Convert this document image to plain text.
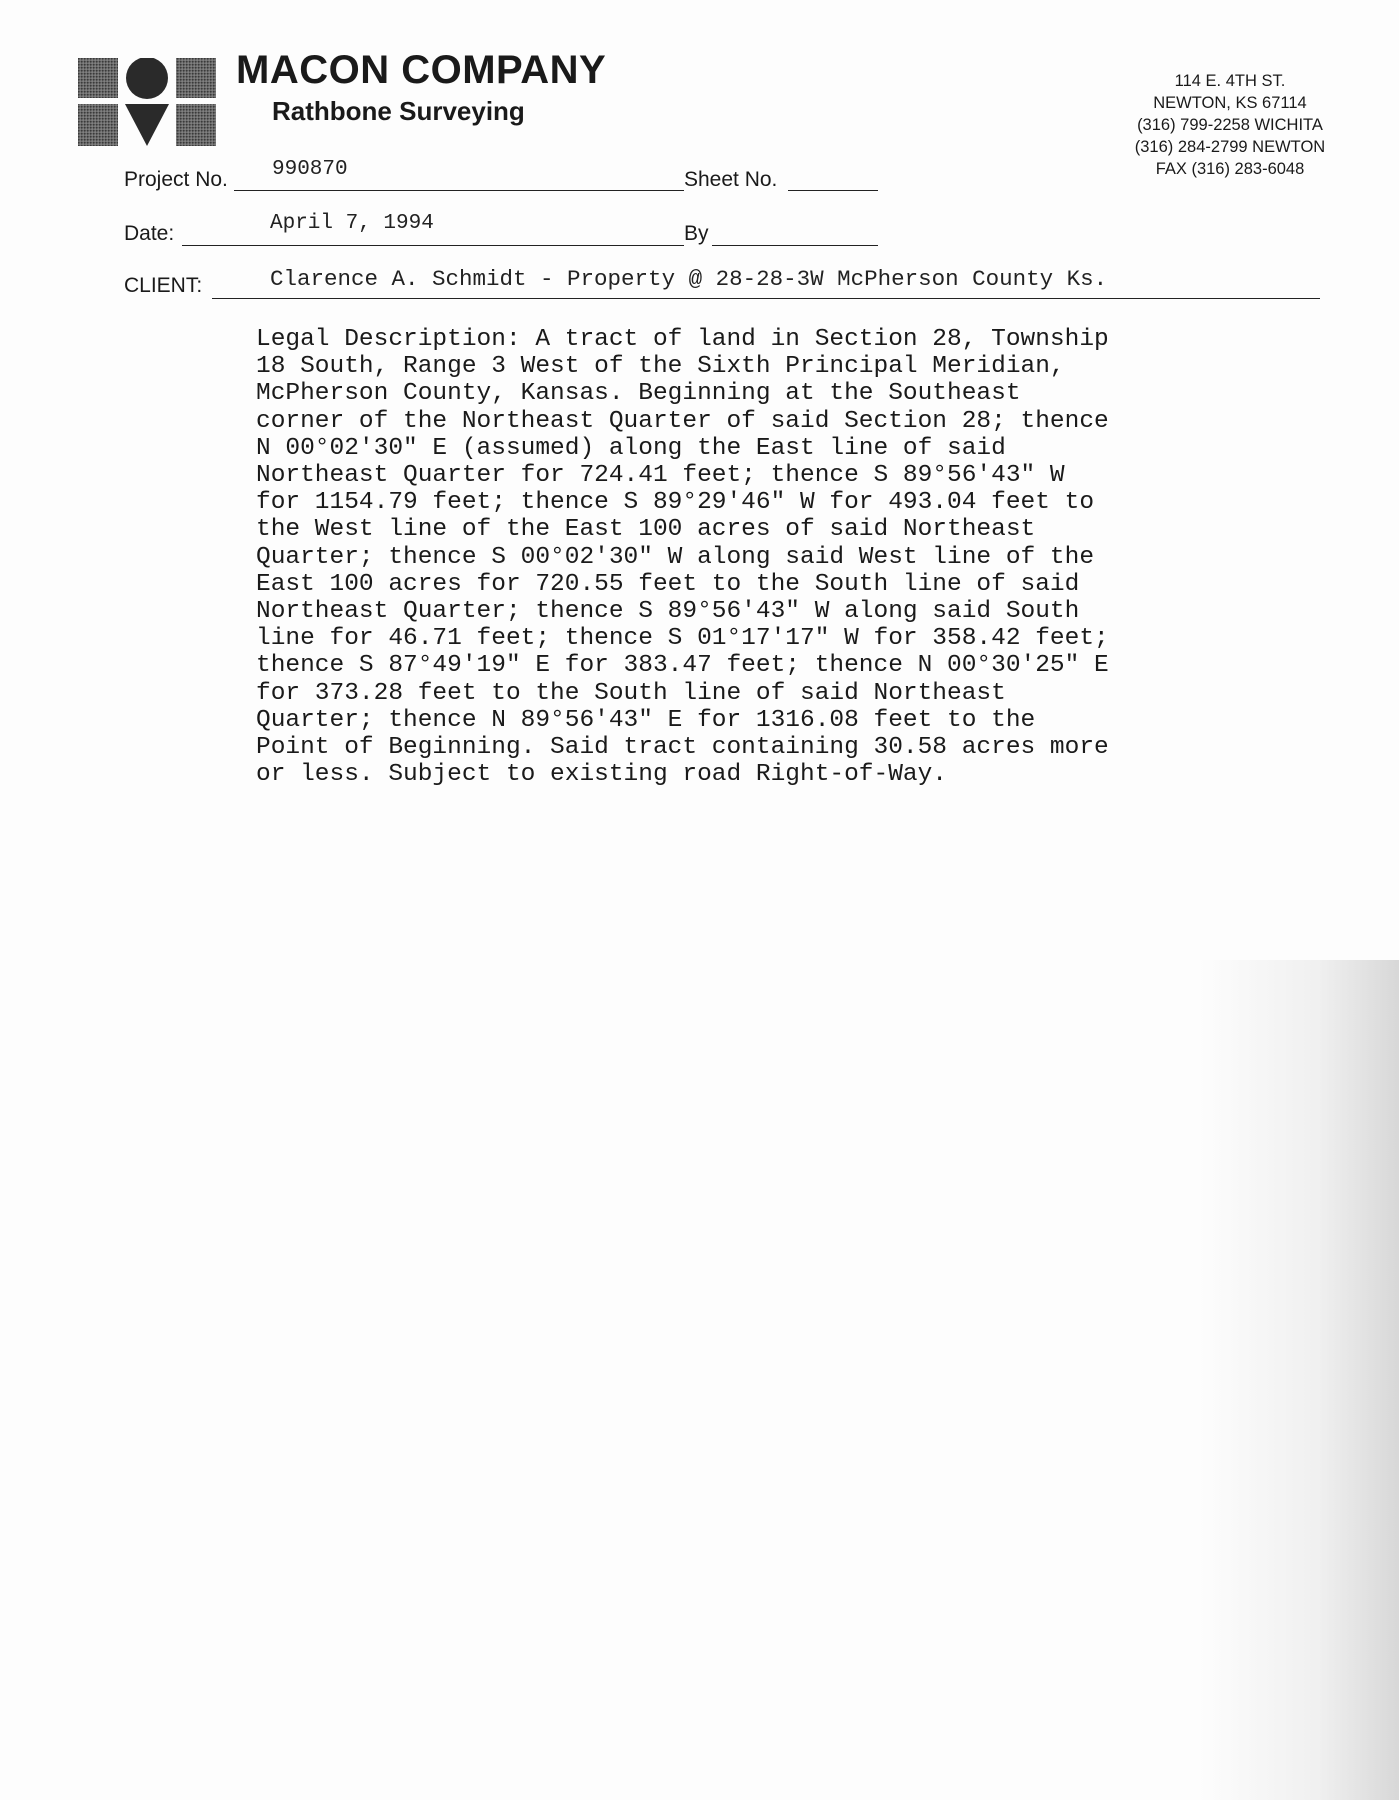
MACON COMPANY
Rathbone Surveying
114 E. 4TH ST.
NEWTON, KS 67114
(316) 799-2258 WICHITA
(316) 284-2799 NEWTON
FAX (316) 283-6048
Project No. 990870	Sheet No.
Date:	April 7, 1994	By
CLIENT:	Clarence A. Schmidt - Property @ 28-28-3W McPherson County Ks.
Legal Description: A tract of land in Section 28, Township
18 South, Range 3 West of the Sixth Principal Meridian,
McPherson County, Kansas. Beginning at the Southeast
corner of the Northeast Quarter of said Section 28; thence
N 00°02'30" E (assumed) along the East line of said
Northeast Quarter for 724.41 feet; thence S 89°56'43" W
for 1154.79 feet; thence S 89°29'46" W for 493.04 feet to
the West line of the East 100 acres of said Northeast
Quarter; thence S 00°02'30" W along said West line of the
East 100 acres for 720.55 feet to the South line of said
Northeast Quarter; thence S 89°56'43" W along said South
line for 46.71 feet; thence S 01°17'17" W for 358.42 feet;
thence S 87°49'19" E for 383.47 feet; thence N 00°30'25" E
for 373.28 feet to the South line of said Northeast
Quarter; thence N 89°56'43" E for 1316.08 feet to the
Point of Beginning. Said tract containing 30.58 acres more
or less. Subject to existing road Right-of-Way.
